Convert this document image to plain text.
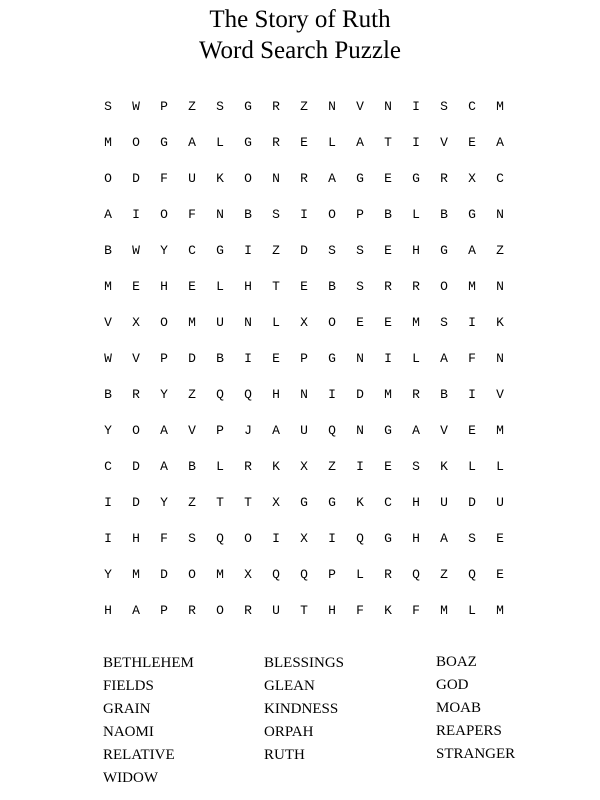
The Story of Ruth
Word Search Puzzle
S	W	P	Z	S	G	R	Z	N	V	N	I	S	C	M
M	O	G	A	L	G	R	E	L	A	T	I	V	E	A
O	D	F	U	K	O	N	R	A	G	E	G	R	X	C
A	I	O	F	N	B	S	I	O	P	B	L	B	G	N
B	W	Y	C	G	I	Z	D	S	S	E	H	G	A	Z
M	E	H	E	L	H	T	E	B	S	R	R	O	M	N
V	X	O	M	U	N	L	X	O	E	E	M	S	I	K
W	V	P	D	B	I	E	P	G	N	I	L	A	F	N
B	R	Y	Z	Q	Q	H	N	I	D	M	R	B	I	V
Y	O	A	V	P	J	A	U	Q	N	G	A	V	E	M
C	D	A	B	L	R	K	X	Z	I	E	S	K	L	L
I	D	Y	Z	T	T	X	G	G	K	C	H	U	D	U
I	H	F	S	Q	O	I	X	I	Q	G	H	A	S	E
Y	M	D	O	M	X	Q	Q	P	L	R	Q	Z	Q	E
H	A	P	R	O	R	U	T	H	F	K	F	M	L	M
BETHLEHEM
FIELDS
GRAIN
NAOMI
RELATIVE
WIDOW
BLESSINGS
GLEAN
KINDNESS
ORPAH
RUTH
BOAZ
GOD
MOAB
REAPERS
STRANGER
